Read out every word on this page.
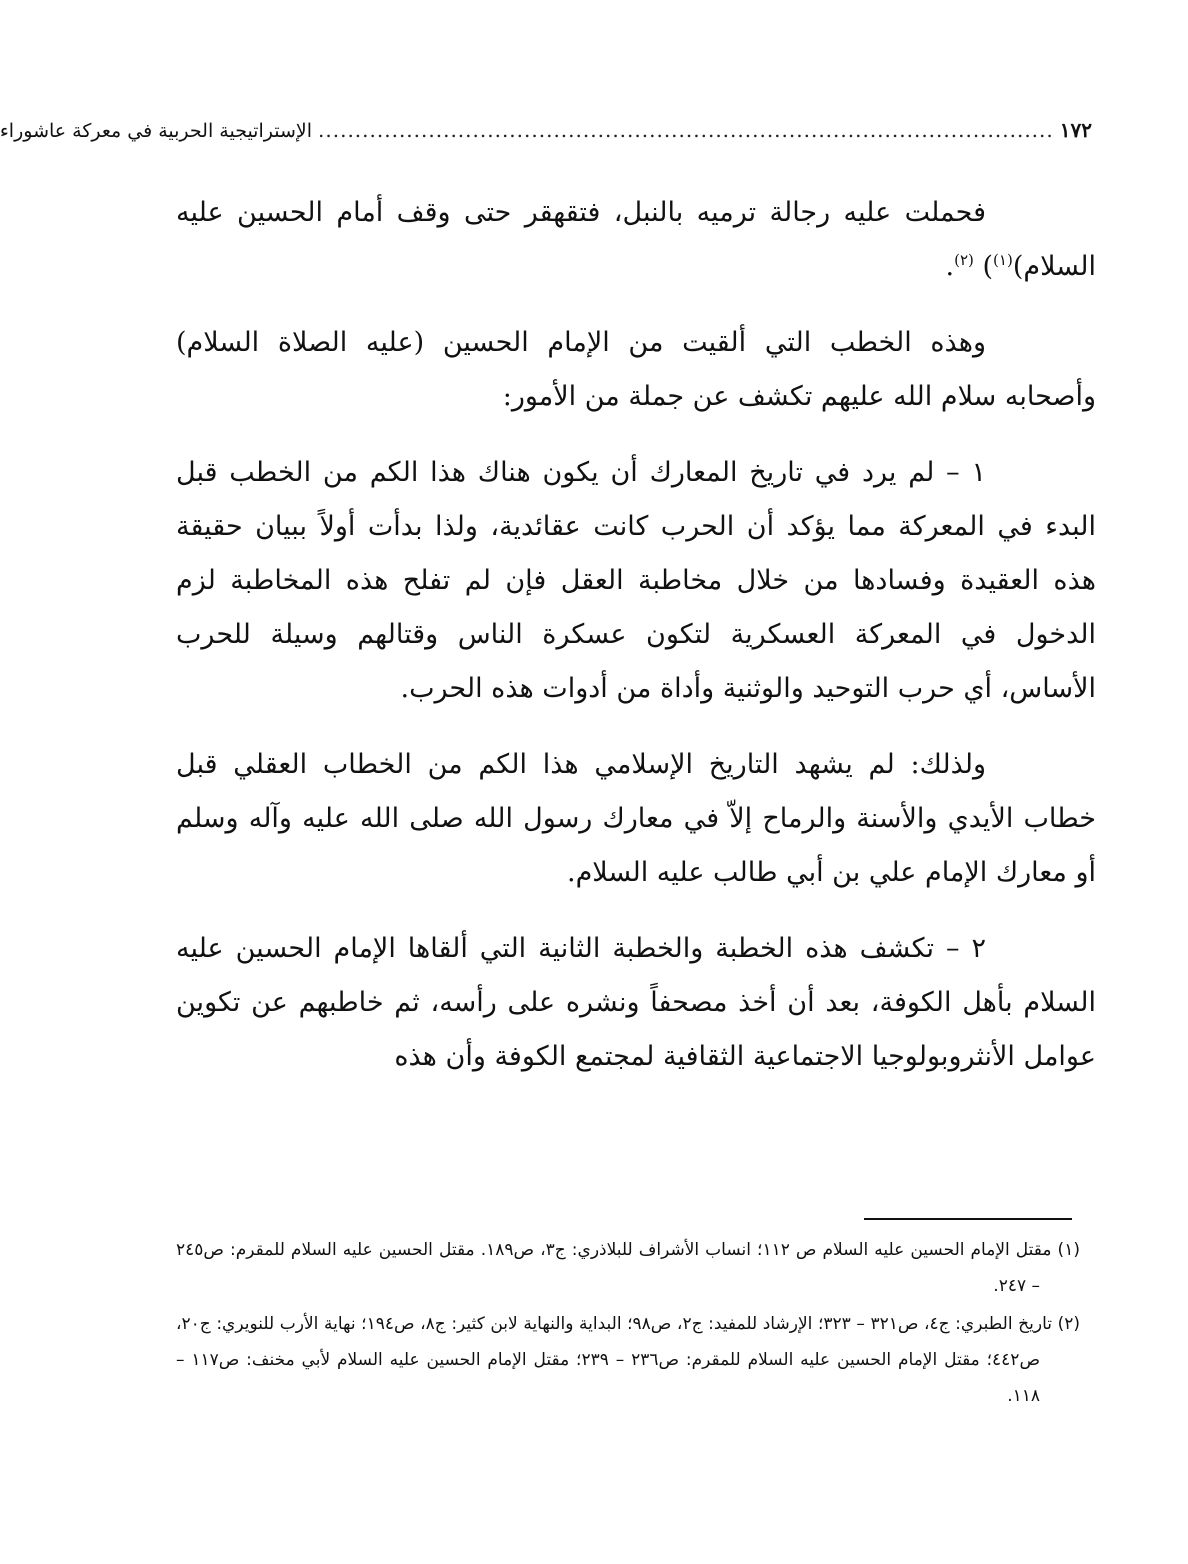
١٧٢
....................................................................................................
الإستراتيجية الحربية في معركة عاشوراء

فحملت عليه رجالة ترميه بالنبل، فتقهقر حتى وقف أمام الحسين عليه السلام)$^{(١)}$) $^{(٢)}$.

وهذه الخطب التي ألقيت من الإمام الحسين (عليه الصلاة السلام) وأصحابه سلام الله عليهم تكشف عن جملة من الأمور:

١ – لم يرد في تاريخ المعارك أن يكون هناك هذا الكم من الخطب قبل البدء في المعركة مما يؤكد أن الحرب كانت عقائدية، ولذا بدأت أولاً ببيان حقيقة هذه العقيدة وفسادها من خلال مخاطبة العقل فإن لم تفلح هذه المخاطبة لزم الدخول في المعركة العسكرية لتكون عسكرة الناس وقتالهم وسيلة للحرب الأساس، أي حرب التوحيد والوثنية وأداة من أدوات هذه الحرب.

ولذلك: لم يشهد التاريخ الإسلامي هذا الكم من الخطاب العقلي قبل خطاب الأيدي والأسنة والرماح إلاّ في معارك رسول الله صلى الله عليه وآله وسلم أو معارك الإمام علي بن أبي طالب عليه السلام.

٢ – تكشف هذه الخطبة والخطبة الثانية التي ألقاها الإمام الحسين عليه السلام بأهل الكوفة، بعد أن أخذ مصحفاً ونشره على رأسه، ثم خاطبهم عن تكوين عوامل الأنثروبولوجيا الاجتماعية الثقافية لمجتمع الكوفة وأن هذه

(١) مقتل الإمام الحسين عليه السلام ص ١١٢؛ انساب الأشراف للبلاذري: ج٣، ص١٨٩. مقتل الحسين عليه السلام للمقرم: ص٢٤٥ – ٢٤٧.

(٢) تاريخ الطبري: ج٤، ص٣٢١ – ٣٢٣؛ الإرشاد للمفيد: ج٢، ص٩٨؛ البداية والنهاية لابن كثير: ج٨، ص١٩٤؛ نهاية الأرب للنويري: ج٢٠، ص٤٤٢؛ مقتل الإمام الحسين عليه السلام للمقرم: ص٢٣٦ – ٢٣٩؛ مقتل الإمام الحسين عليه السلام لأبي مخنف: ص١١٧ – ١١٨.
